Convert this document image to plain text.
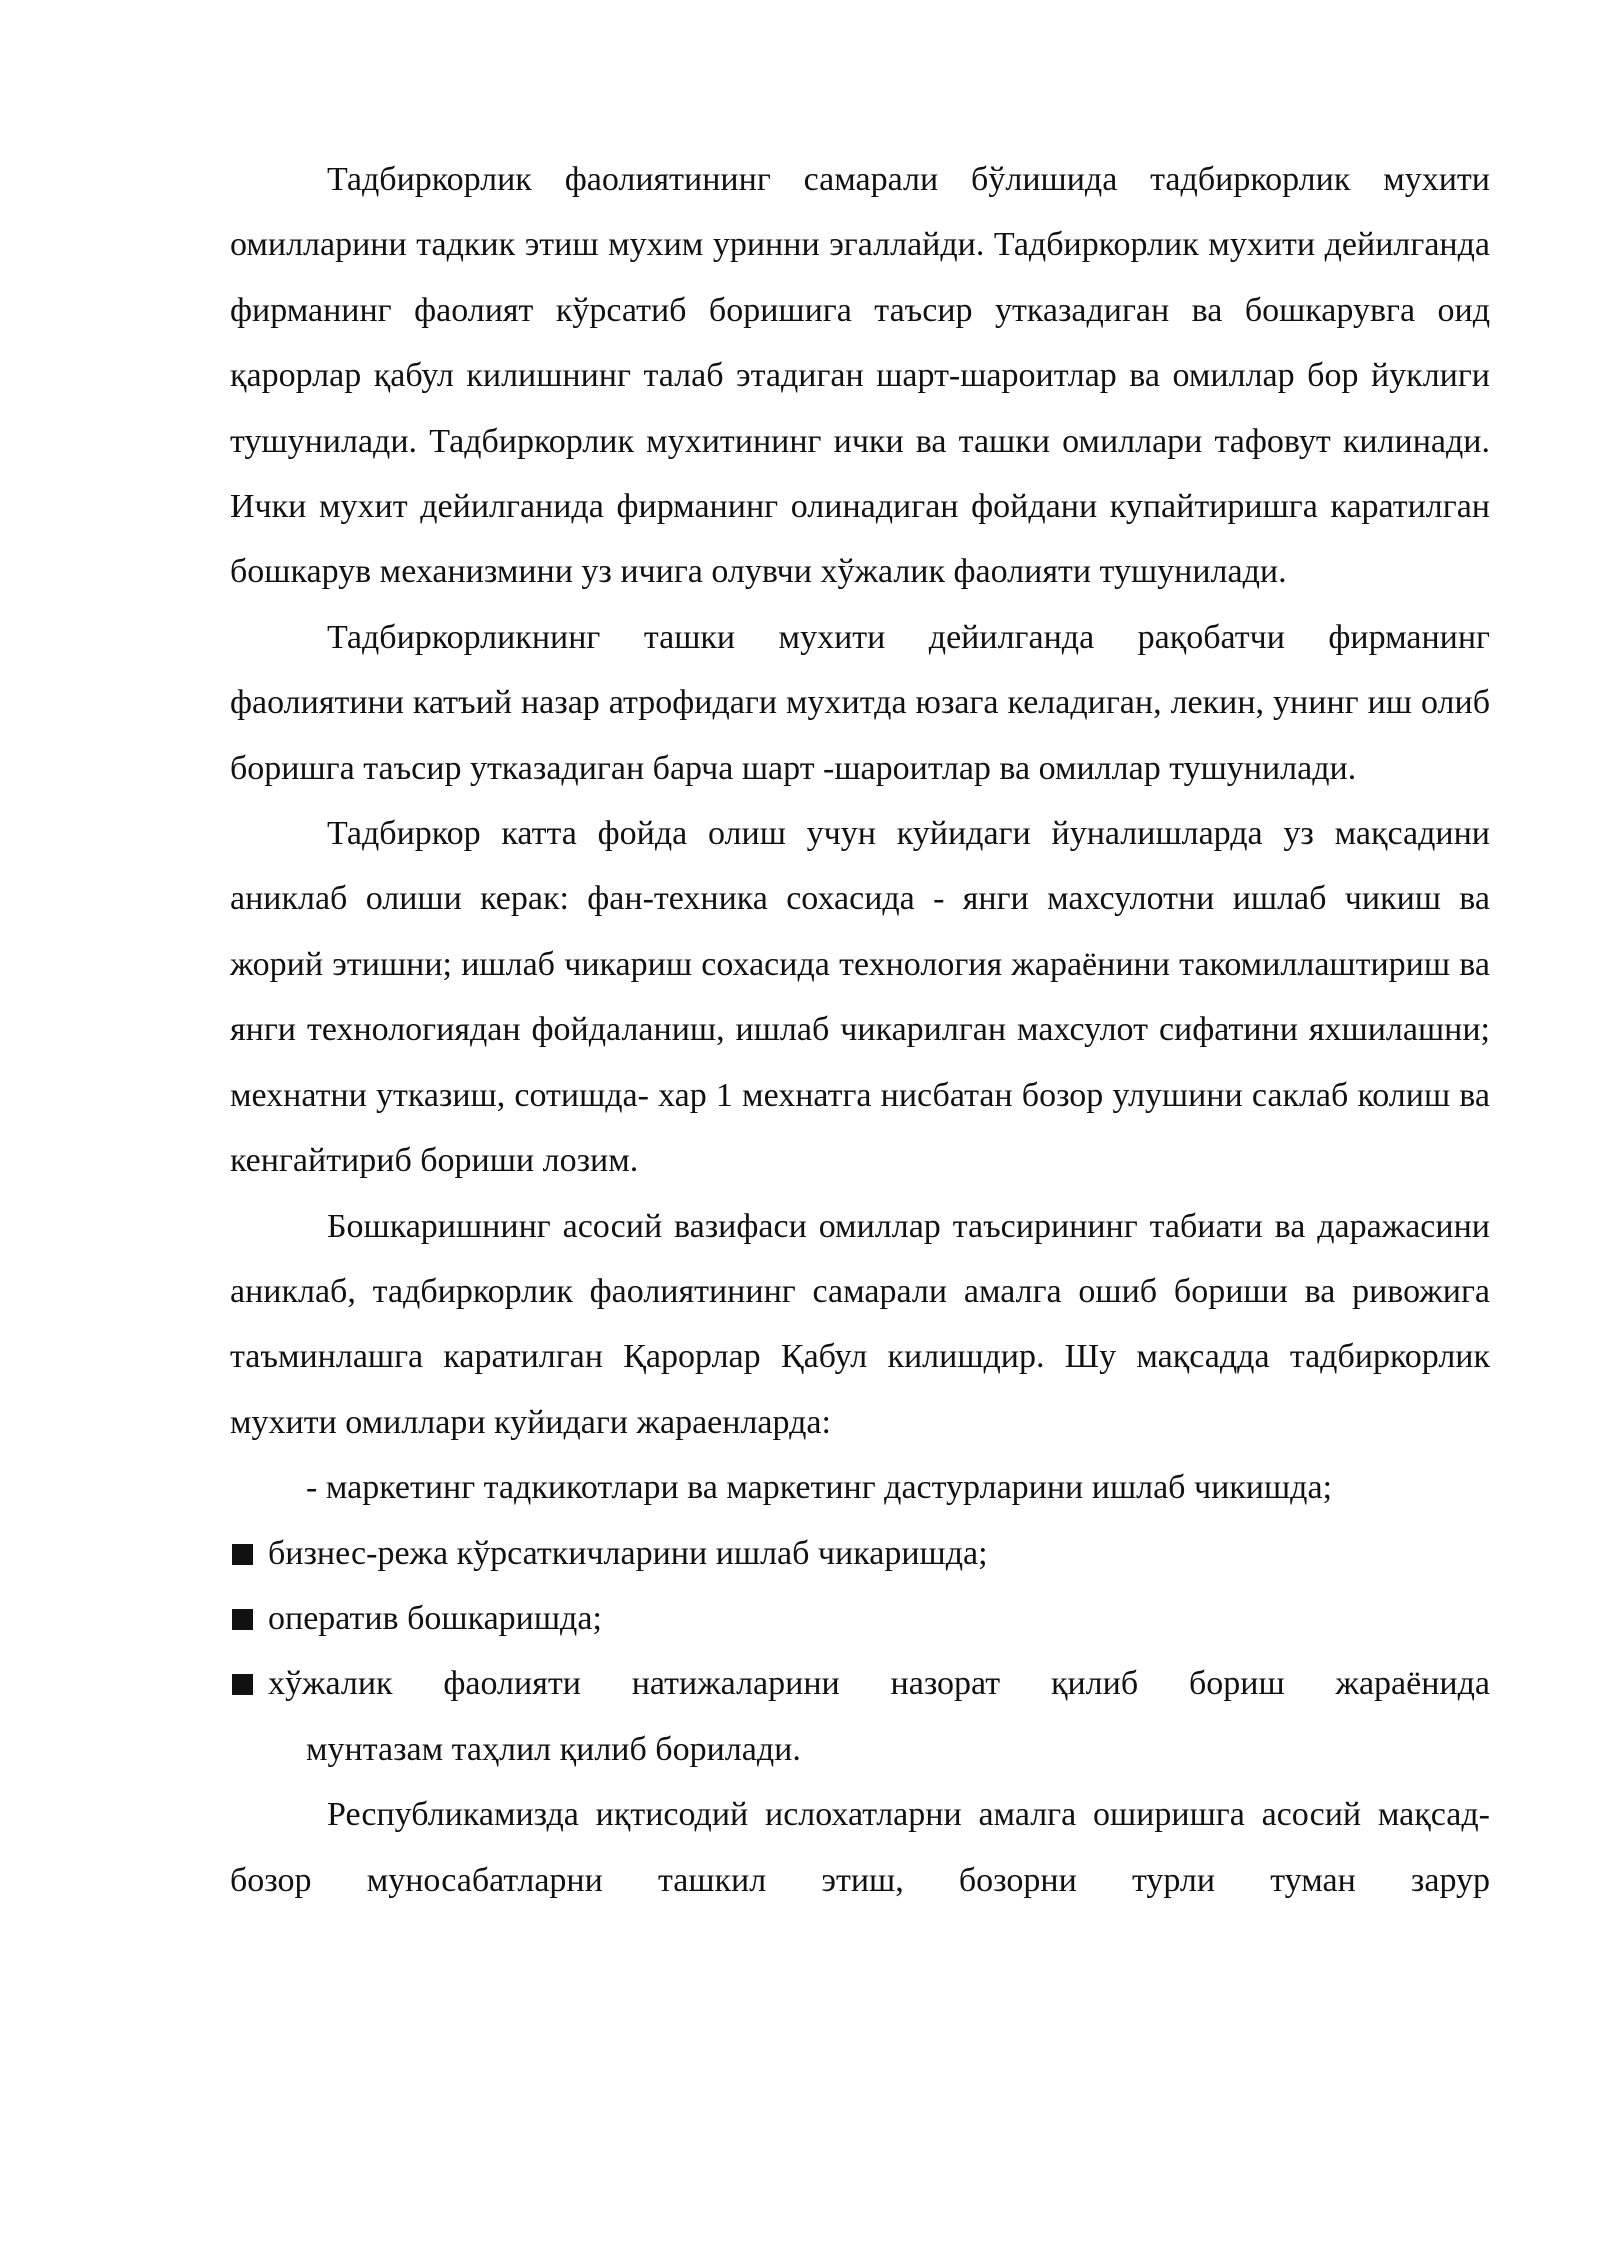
Тадбиркорлик фаолиятининг самарали бўлишида тадбиркорлик мухити омилларини тадкик этиш мухим уринни эгаллайди. Тадбиркорлик мухити дейилганда фирманинг фаолият кўрсатиб боришига таъсир утказадиган ва бошкарувга оид қарорлар қабул килишнинг талаб этадиган шарт-шароитлар ва омиллар бор йуклиги тушунилади. Тадбиркорлик мухитининг ички ва ташки омиллари тафовут килинади. Ички мухит дейилганида фирманинг олинадиган фойдани купайтиришга каратилган бошкарув механизмини уз ичига олувчи хўжалик фаолияти тушунилади.

Тадбиркорликнинг ташки мухити дейилганда рақобатчи фирманинг фаолиятини катъий назар атрофидаги мухитда юзага келадиган, лекин, унинг иш олиб боришга таъсир утказадиган барча шарт -шароитлар ва омиллар тушунилади.

Тадбиркор катта фойда олиш учун куйидаги йуналишларда уз мақсадини аниклаб олиши керак: фан-техника сохасида - янги махсулотни ишлаб чикиш ва жорий этишни; ишлаб чикариш сохасида технология жараёнини такомиллаштириш ва янги технологиядан фойдаланиш, ишлаб чикарилган махсулот сифатини яхшилашни; мехнатни утказиш, сотишда- хар 1 мехнатга нисбатан бозор улушини саклаб колиш ва кенгайтириб бориши лозим.

Бошкаришнинг асосий вазифаси омиллар таъсирининг табиати ва даражасини аниклаб, тадбиркорлик фаолиятининг самарали амалга ошиб бориши ва ривожига таъминлашга каратилган Қарорлар Қабул килишдир. Шу мақсадда тадбиркорлик мухити омиллари куйидаги жараенларда:

- маркетинг тадкикотлари ва маркетинг дастурларини ишлаб чикишда;

бизнес-режа кўрсаткичларини ишлаб чикаришда;
оператив бошкаришда;
хўжалик фаолияти натижаларини назорат қилиб бориш жараёнида
мунтазам таҳлил қилиб борилади.

Республикамизда иқтисодий ислохатларни амалга оширишга асосий мақсад-бозор муносабатларни ташкил этиш, бозорни турли туман зарур
